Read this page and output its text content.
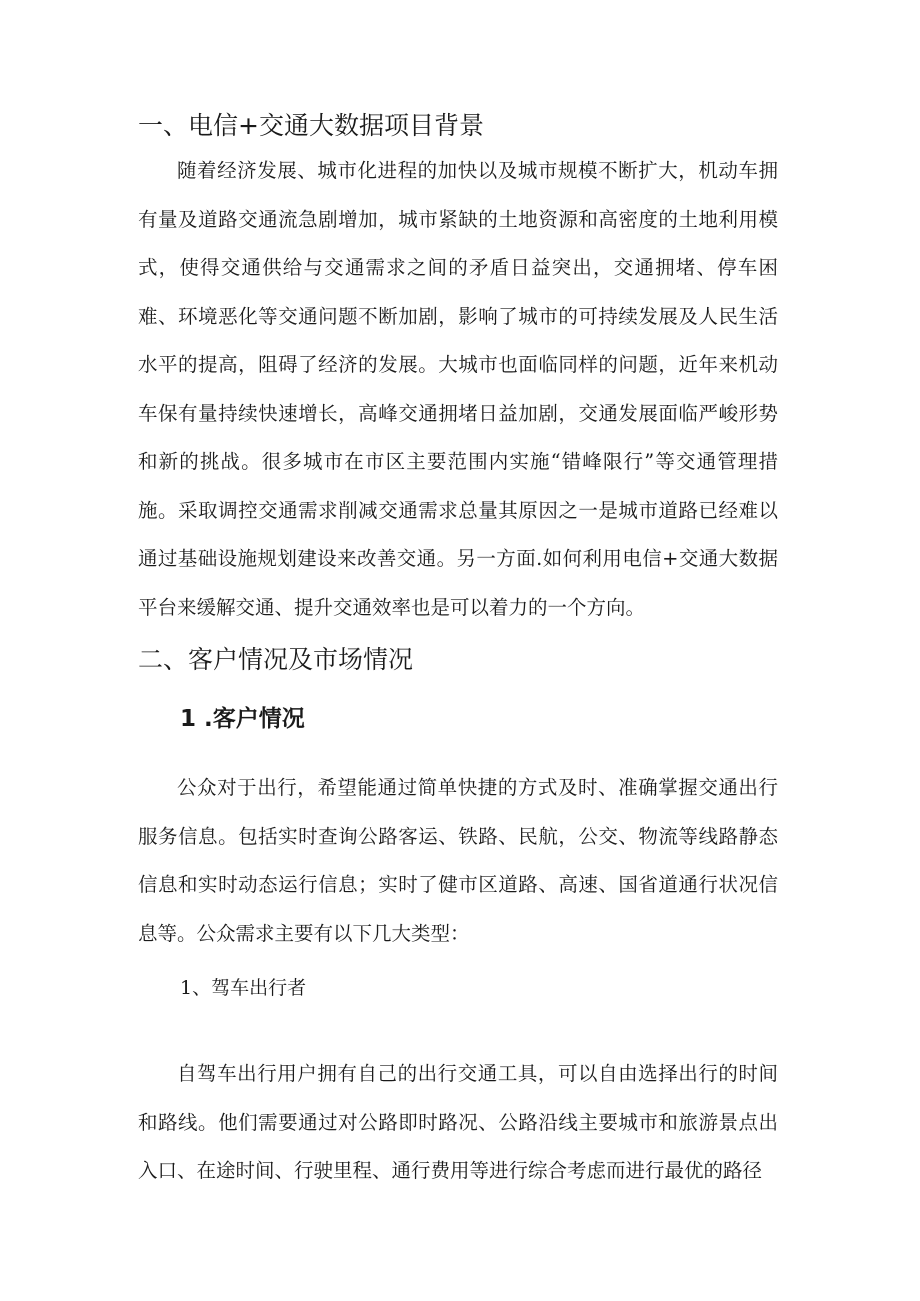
一、电信+交通大数据项目背景

随着经济发展、城市化进程的加快以及城市规模不断扩大，机动车拥有量及道路交通流急剧增加，城市紧缺的土地资源和高密度的土地利用模式，使得交通供给与交通需求之间的矛盾日益突出，交通拥堵、停车困难、环境恶化等交通问题不断加剧，影响了城市的可持续发展及人民生活水平的提高，阻碍了经济的发展。大城市也面临同样的问题，近年来机动车保有量持续快速增长，高峰交通拥堵日益加剧，交通发展面临严峻形势和新的挑战。很多城市在市区主要范围内实施“错峰限行”等交通管理措施。采取调控交通需求削减交通需求总量其原因之一是城市道路已经难以通过基础设施规划建设来改善交通。另一方面.如何利用电信+交通大数据平台来缓解交通、提升交通效率也是可以着力的一个方向。

二、客户情况及市场情况
1 .客户情况

公众对于出行，希望能通过简单快捷的方式及时、准确掌握交通出行服务信息。包括实时查询公路客运、铁路、民航，公交、物流等线路静态信息和实时动态运行信息；实时了健市区道路、高速、国省道通行状况信息等。公众需求主要有以下几大类型：

1、驾车出行者

自驾车出行用户拥有自己的出行交通工具，可以自由选择出行的时间和路线。他们需要通过对公路即时路况、公路沿线主要城市和旅游景点出入口、在途时间、行驶里程、通行费用等进行综合考虑而进行最优的路径
